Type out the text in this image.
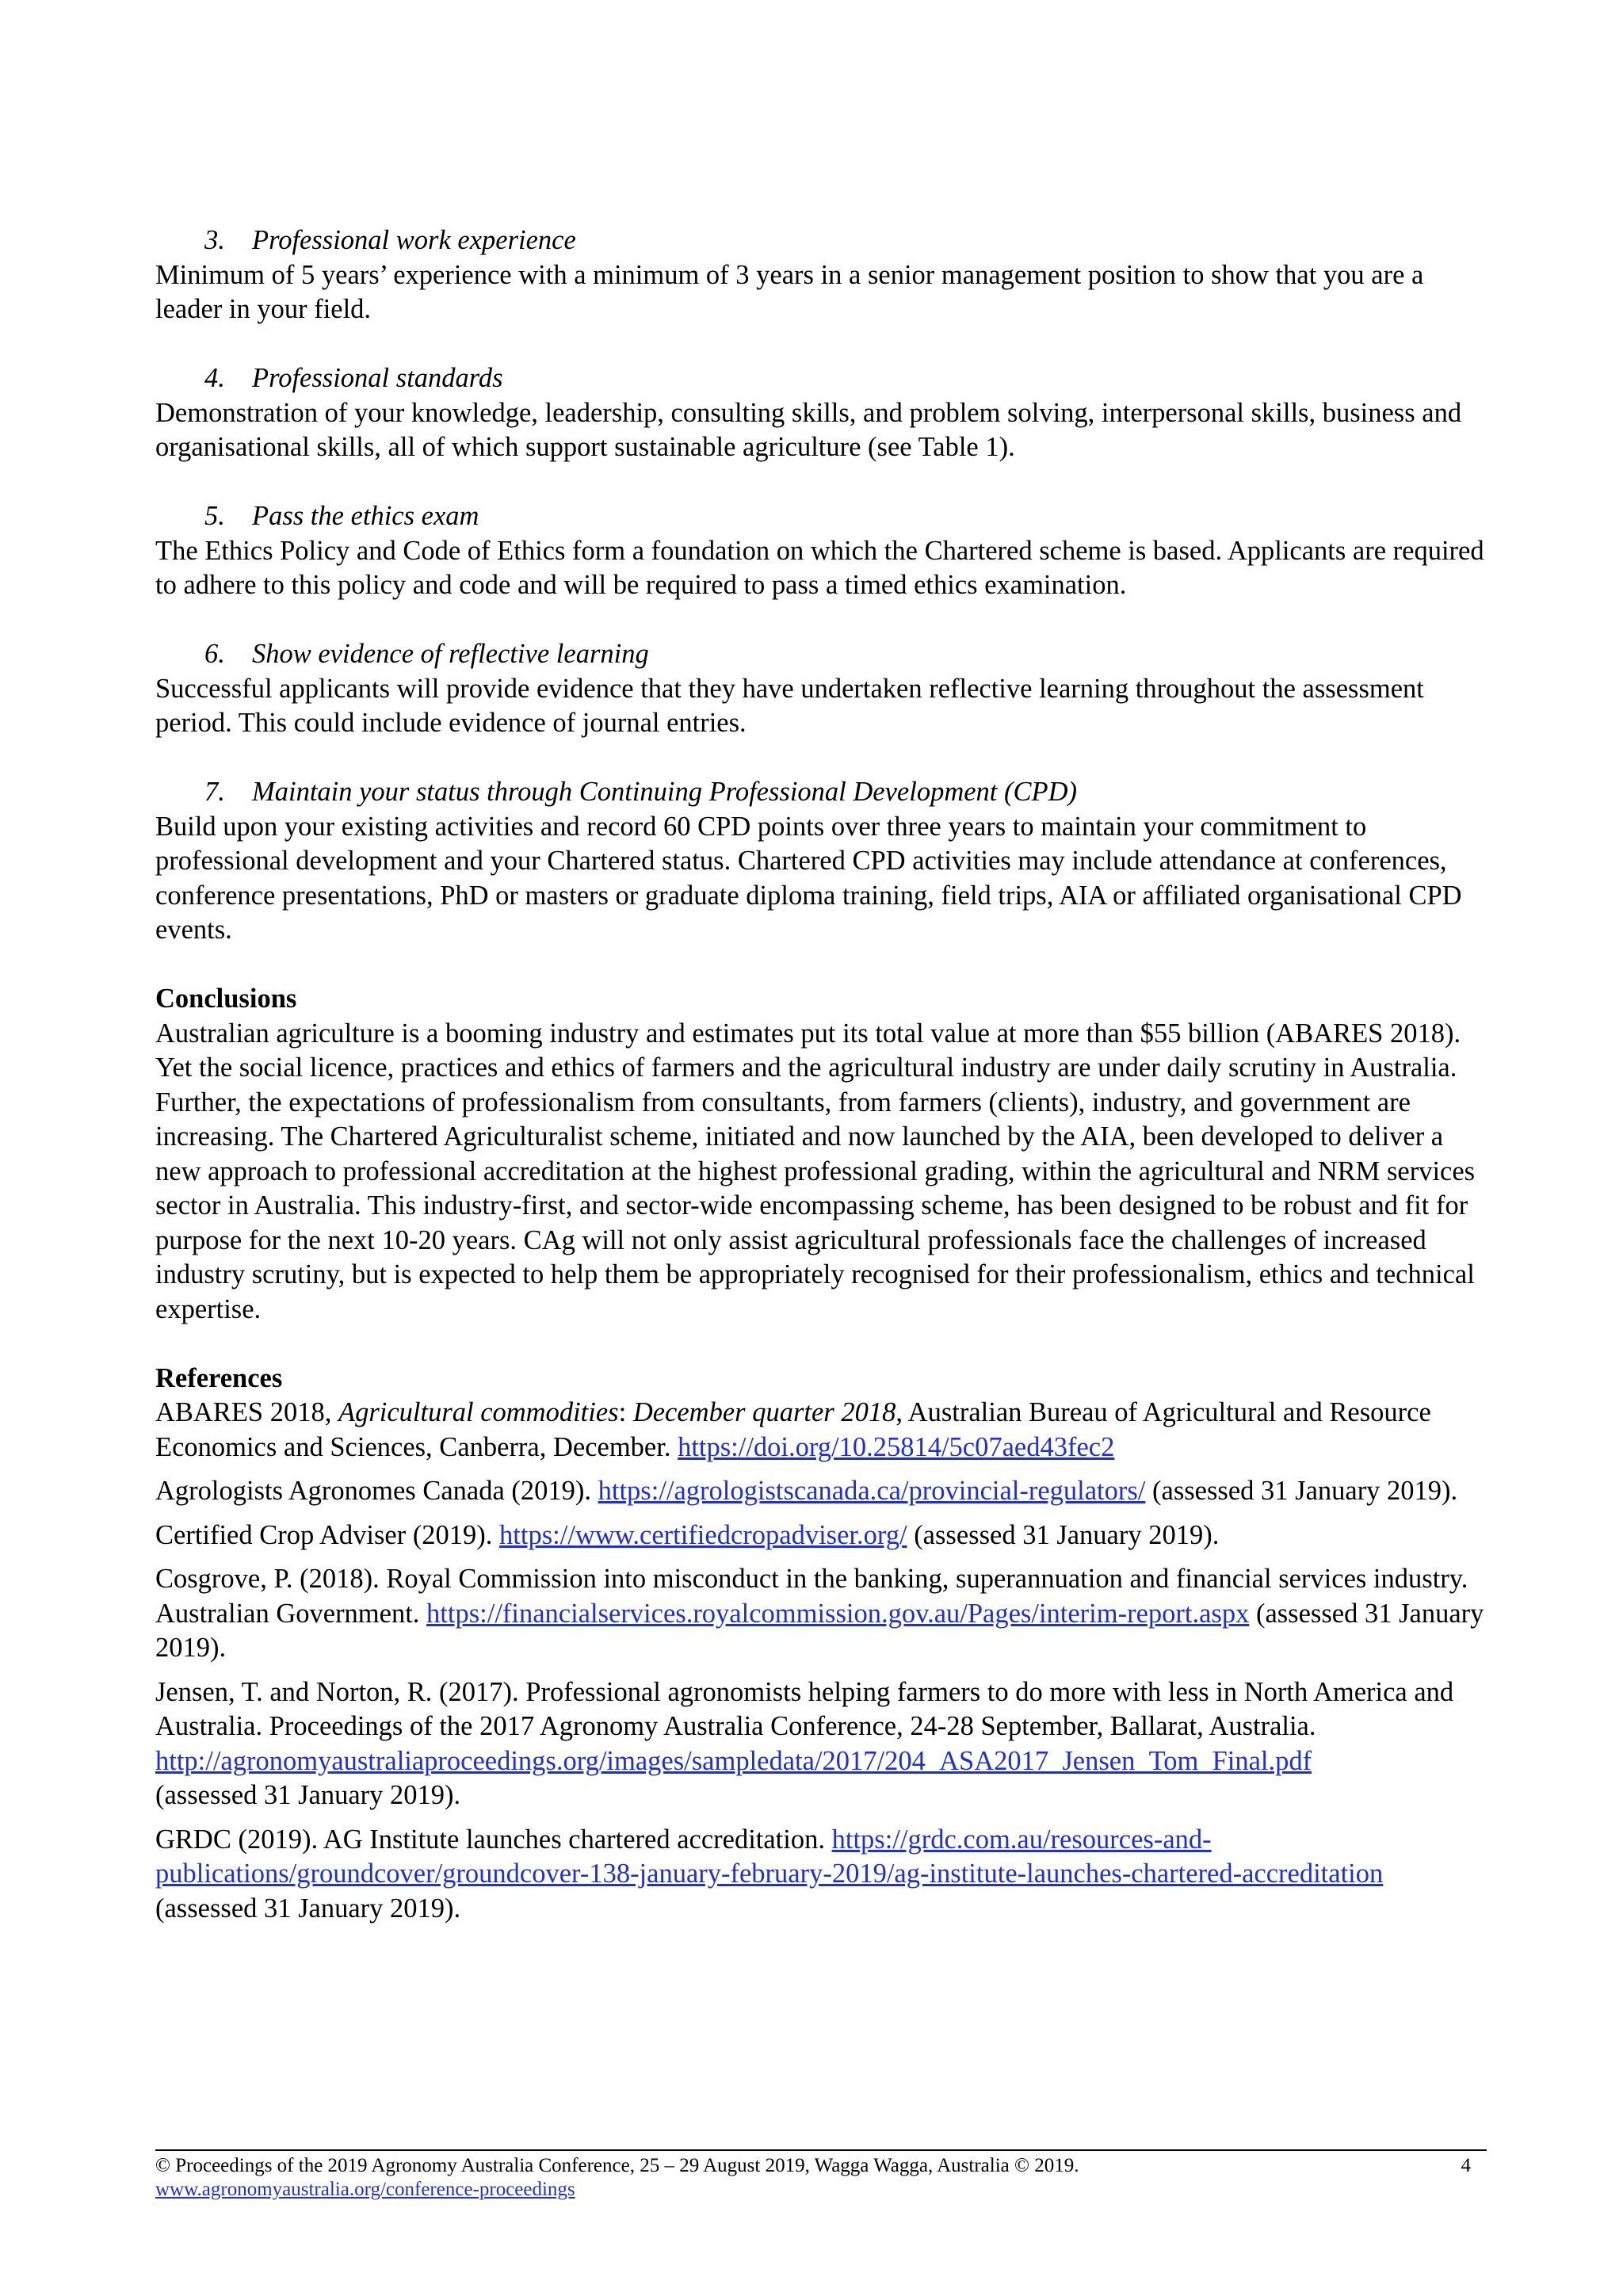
3. Professional work experience

Minimum of 5 years’ experience with a minimum of 3 years in a senior management position to show that you are a leader in your field.

4. Professional standards

Demonstration of your knowledge, leadership, consulting skills, and problem solving, interpersonal skills, business and organisational skills, all of which support sustainable agriculture (see Table 1).

5. Pass the ethics exam

The Ethics Policy and Code of Ethics form a foundation on which the Chartered scheme is based. Applicants are required to adhere to this policy and code and will be required to pass a timed ethics examination.

6. Show evidence of reflective learning

Successful applicants will provide evidence that they have undertaken reflective learning throughout the assessment period. This could include evidence of journal entries.

7. Maintain your status through Continuing Professional Development (CPD)

Build upon your existing activities and record 60 CPD points over three years to maintain your commitment to professional development and your Chartered status. Chartered CPD activities may include attendance at conferences, conference presentations, PhD or masters or graduate diploma training, field trips, AIA or affiliated organisational CPD events.

Conclusions

Australian agriculture is a booming industry and estimates put its total value at more than $55 billion (ABARES 2018). Yet the social licence, practices and ethics of farmers and the agricultural industry are under daily scrutiny in Australia. Further, the expectations of professionalism from consultants, from farmers (clients), industry, and government are increasing. The Chartered Agriculturalist scheme, initiated and now launched by the AIA, been developed to deliver a new approach to professional accreditation at the highest professional grading, within the agricultural and NRM services sector in Australia. This industry-first, and sector-wide encompassing scheme, has been designed to be robust and fit for purpose for the next 10-20 years. CAg will not only assist agricultural professionals face the challenges of increased industry scrutiny, but is expected to help them be appropriately recognised for their professionalism, ethics and technical expertise.

References

ABARES 2018, Agricultural commodities: December quarter 2018, Australian Bureau of Agricultural and Resource Economics and Sciences, Canberra, December. https://doi.org/10.25814/5c07aed43fec2

Agrologists Agronomes Canada (2019). https://agrologistscanada.ca/provincial-regulators/ (assessed 31 January 2019).

Certified Crop Adviser (2019). https://www.certifiedcropadviser.org/ (assessed 31 January 2019).

Cosgrove, P. (2018). Royal Commission into misconduct in the banking, superannuation and financial services industry. Australian Government. https://financialservices.royalcommission.gov.au/Pages/interim-report.aspx (assessed 31 January 2019).

Jensen, T. and Norton, R. (2017). Professional agronomists helping farmers to do more with less in North America and Australia. Proceedings of the 2017 Agronomy Australia Conference, 24-28 September, Ballarat, Australia.
http://agronomyaustraliaproceedings.org/images/sampledata/2017/204_ASA2017_Jensen_Tom_Final.pdf
(assessed 31 January 2019).

GRDC (2019). AG Institute launches chartered accreditation. https://grdc.com.au/resources-and-publications/groundcover/groundcover-138-january-february-2019/ag-institute-launches-chartered-accreditation (assessed 31 January 2019).

© Proceedings of the 2019 Agronomy Australia Conference, 25 – 29 August 2019, Wagga Wagga, Australia © 2019.
www.agronomyaustralia.org/conference-proceedings
4
